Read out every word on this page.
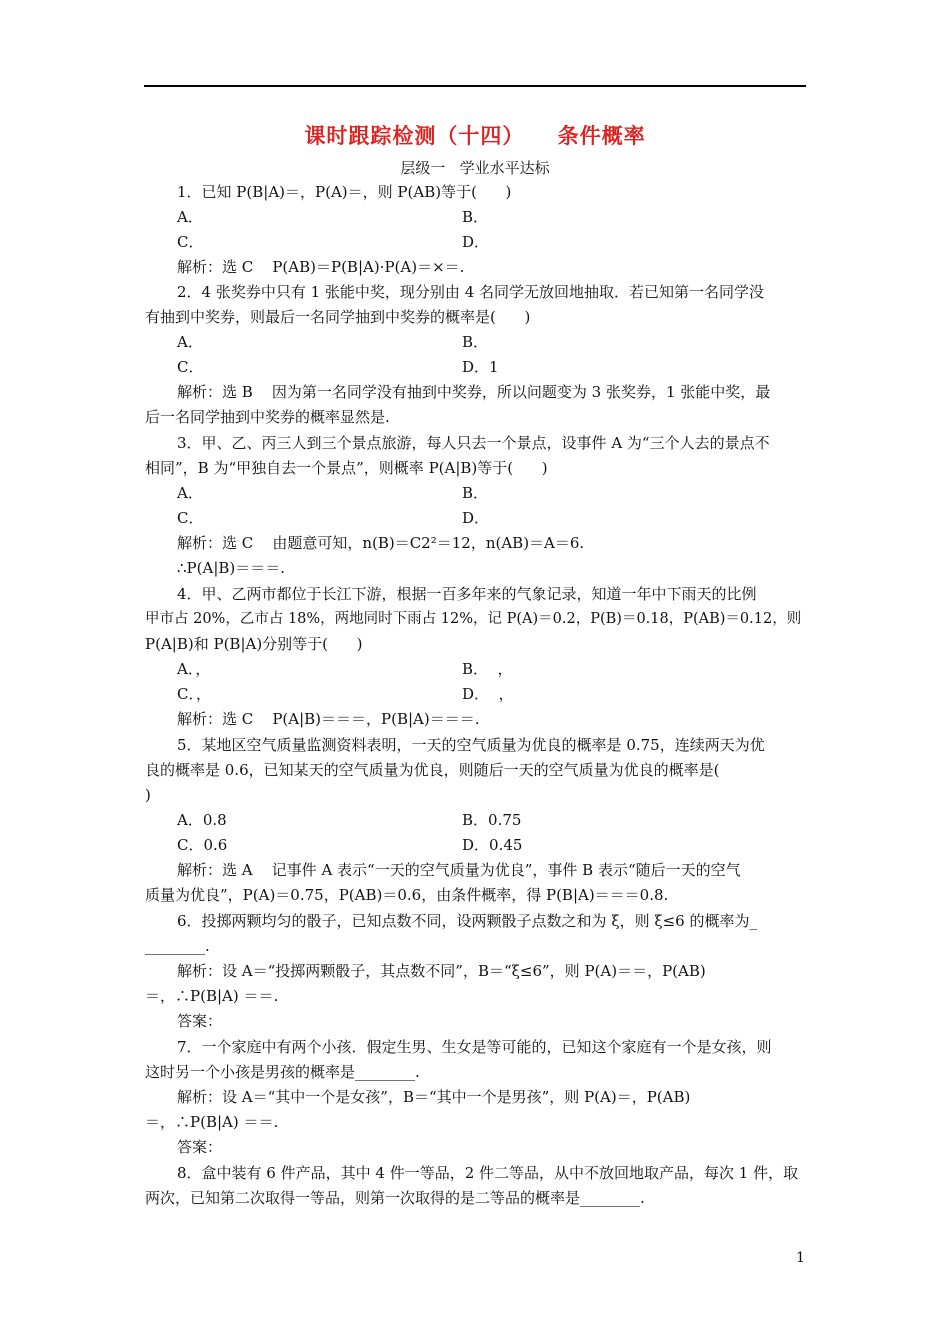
课时跟踪检测（十四）    条件概率
层级一   学业水平达标
1．已知 P(B|A)＝，P(A)＝，则 P(AB)等于(      )
A．	B．
C．	D．
解析：选 C    P(AB)＝P(B|A)·P(A)＝×＝.
2．4 张奖券中只有 1 张能中奖，现分别由 4 名同学无放回地抽取．若已知第一名同学没
有抽到中奖券，则最后一名同学抽到中奖券的概率是(      )
A．	B．
C．	D．1
解析：选 B    因为第一名同学没有抽到中奖券，所以问题变为 3 张奖券，1 张能中奖，最
后一名同学抽到中奖券的概率显然是.
3．甲、乙、丙三人到三个景点旅游，每人只去一个景点，设事件 A 为“三个人去的景点不
相同”，B 为“甲独自去一个景点”，则概率 P(A|B)等于(      )
A．	B．
C．	D．
解析：选 C    由题意可知，n(B)＝C2²＝12，n(AB)＝A＝6.
∴P(A|B)＝＝＝.
4．甲、乙两市都位于长江下游，根据一百多年来的气象记录，知道一年中下雨天的比例
甲市占 20%，乙市占 18%，两地同时下雨占 12%，记 P(A)＝0.2，P(B)＝0.18，P(AB)＝0.12，则
P(A|B)和 P(B|A)分别等于(      )
A．，	B．  ，
C．，	D．  ，
解析：选 C    P(A|B)＝＝＝，P(B|A)＝＝＝.
5．某地区空气质量监测资料表明，一天的空气质量为优良的概率是 0.75，连续两天为优
良的概率是 0.6，已知某天的空气质量为优良，则随后一天的空气质量为优良的概率是(
)
A．0.8	B．0.75
C．0.6	D．0.45
解析：选 A    记事件 A 表示“一天的空气质量为优良”，事件 B 表示“随后一天的空气
质量为优良”，P(A)＝0.75，P(AB)＝0.6，由条件概率，得 P(B|A)＝＝＝0.8.
6．投掷两颗均匀的骰子，已知点数不同，设两颗骰子点数之和为 ξ，则 ξ≤6 的概率为_
________.
解析：设 A＝“投掷两颗骰子，其点数不同”，B＝“ξ≤6”，则 P(A)＝＝，P(AB)
＝，∴P(B|A) ＝＝.
答案：
7．一个家庭中有两个小孩．假定生男、生女是等可能的，已知这个家庭有一个是女孩，则
这时另一个小孩是男孩的概率是________.
解析：设 A＝“其中一个是女孩”，B＝“其中一个是男孩”，则 P(A)＝，P(AB)
＝，∴P(B|A) ＝＝.
答案：
8．盒中装有 6 件产品，其中 4 件一等品，2 件二等品，从中不放回地取产品，每次 1 件，取
两次，已知第二次取得一等品，则第一次取得的是二等品的概率是________.
1
